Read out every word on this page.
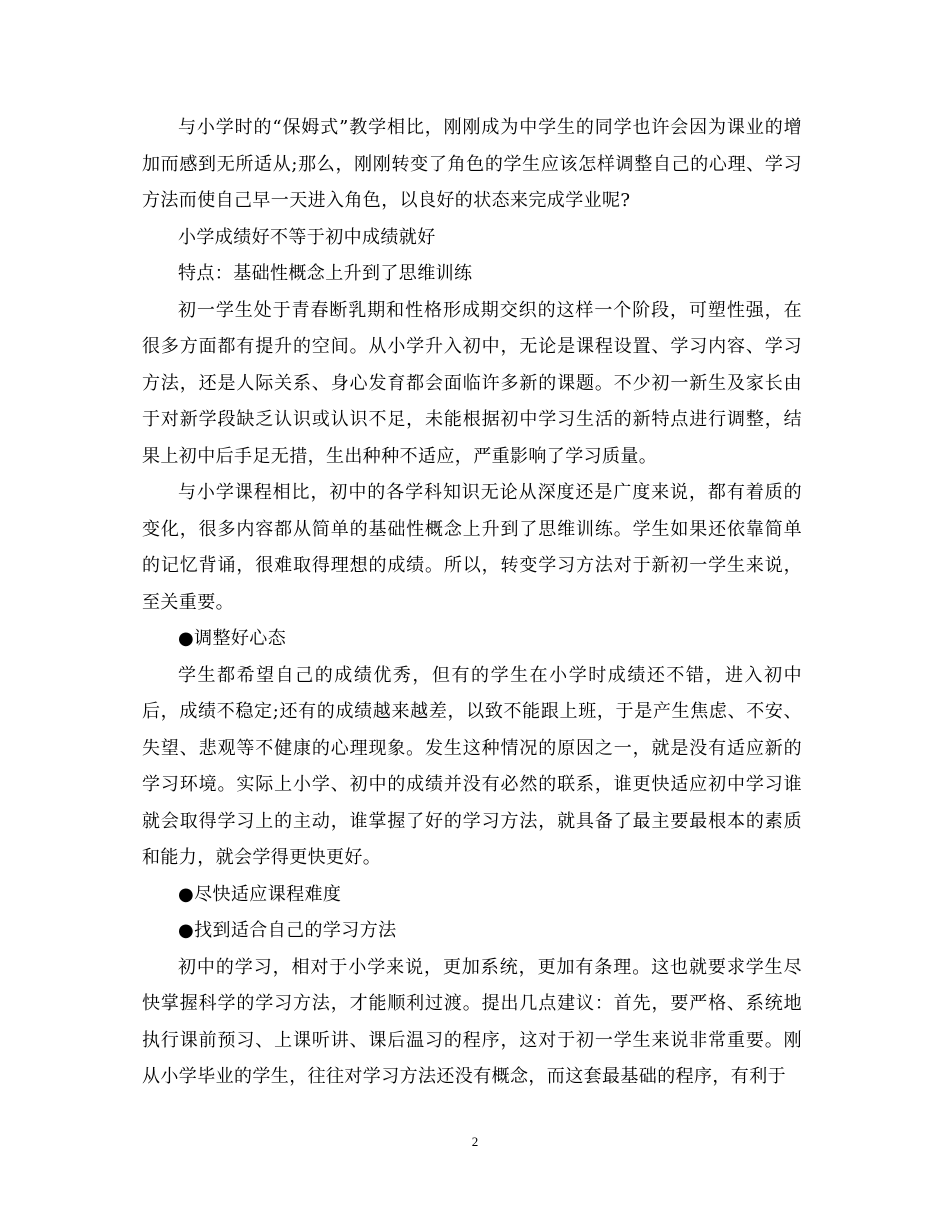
与小学时的“保姆式”教学相比，刚刚成为中学生的同学也许会因为课业的增加而感到无所适从;那么，刚刚转变了角色的学生应该怎样调整自己的心理、学习方法而使自己早一天进入角色，以良好的状态来完成学业呢?

小学成绩好不等于初中成绩就好

特点：基础性概念上升到了思维训练

初一学生处于青春断乳期和性格形成期交织的这样一个阶段，可塑性强，在很多方面都有提升的空间。从小学升入初中，无论是课程设置、学习内容、学习方法，还是人际关系、身心发育都会面临许多新的课题。不少初一新生及家长由于对新学段缺乏认识或认识不足，未能根据初中学习生活的新特点进行调整，结果上初中后手足无措，生出种种不适应，严重影响了学习质量。

与小学课程相比，初中的各学科知识无论从深度还是广度来说，都有着质的变化，很多内容都从简单的基础性概念上升到了思维训练。学生如果还依靠简单的记忆背诵，很难取得理想的成绩。所以，转变学习方法对于新初一学生来说，至关重要。

●调整好心态

学生都希望自己的成绩优秀，但有的学生在小学时成绩还不错，进入初中后，成绩不稳定;还有的成绩越来越差，以致不能跟上班，于是产生焦虑、不安、失望、悲观等不健康的心理现象。发生这种情况的原因之一，就是没有适应新的学习环境。实际上小学、初中的成绩并没有必然的联系，谁更快适应初中学习谁就会取得学习上的主动，谁掌握了好的学习方法，就具备了最主要最根本的素质和能力，就会学得更快更好。

●尽快适应课程难度

●找到适合自己的学习方法

初中的学习，相对于小学来说，更加系统，更加有条理。这也就要求学生尽快掌握科学的学习方法，才能顺利过渡。提出几点建议：首先，要严格、系统地执行课前预习、上课听讲、课后温习的程序，这对于初一学生来说非常重要。刚从小学毕业的学生，往往对学习方法还没有概念，而这套最基础的程序，有利于

2
